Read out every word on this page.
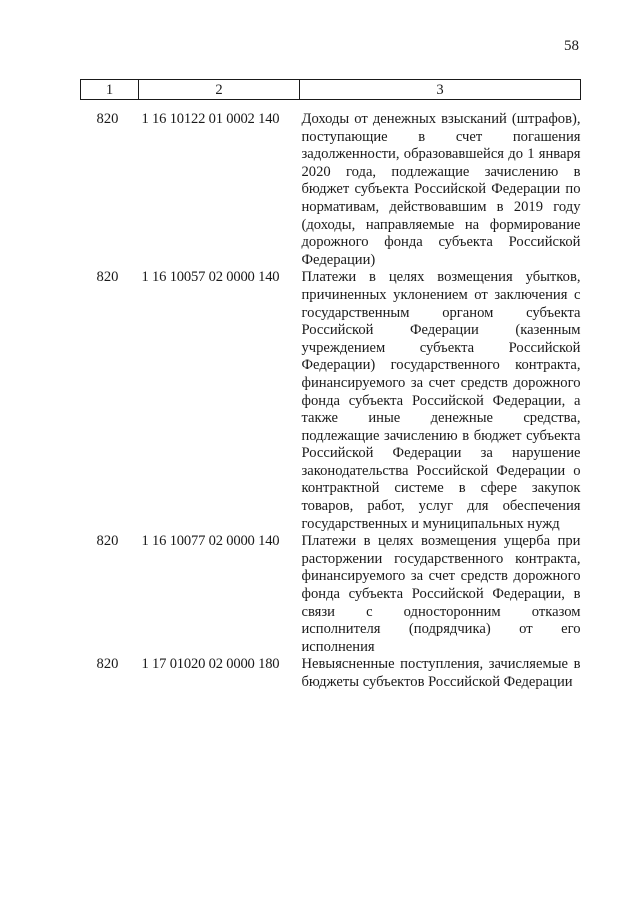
58
1	2	3
820	1 16 10122 01 0002 140	Доходы от денежных взысканий (штрафов), поступающие в счет погашения задолженности, образовавшейся до 1 января 2020 года, подлежащие зачислению в бюджет субъекта Российской Федерации по нормативам, действовавшим в 2019 году (доходы, направляемые на формирование дорожного фонда субъекта Российской Федерации)
820	1 16 10057 02 0000 140	Платежи в целях возмещения убытков, причиненных уклонением от заключения с государственным органом субъекта Российской Федерации (казенным учреждением субъекта Российской Федерации) государственного контракта, финансируемого за счет средств дорожного фонда субъекта Российской Федерации, а также иные денежные средства, подлежащие зачислению в бюджет субъекта Российской Федерации за нарушение законодательства Российской Федерации о контрактной системе в сфере закупок товаров, работ, услуг для обеспечения государственных и муниципальных нужд
820	1 16 10077 02 0000 140	Платежи в целях возмещения ущерба при расторжении государственного контракта, финансируемого за счет средств дорожного фонда субъекта Российской Федерации, в связи с односторонним отказом исполнителя (подрядчика) от его исполнения
820	1 17 01020 02 0000 180	Невыясненные поступления, зачисляемые в бюджеты субъектов Российской Федерации
